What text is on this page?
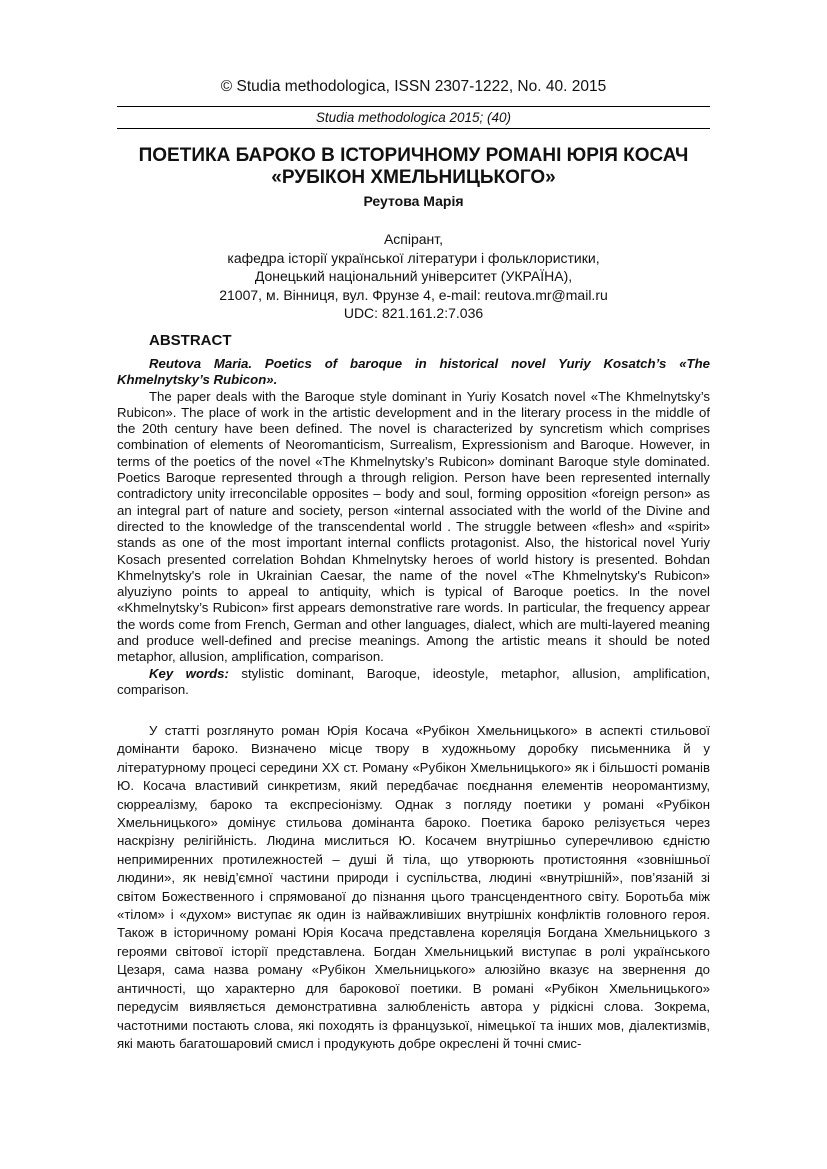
© Studia methodologica, ISSN 2307-1222, No. 40. 2015
Studia methodologica 2015; (40)
ПОЕТИКА БАРОКО В ІСТОРИЧНОМУ РОМАНІ ЮРІЯ КОСАЧ
«РУБІКОН ХМЕЛЬНИЦЬКОГО»
Реутова Марія
Аспірант,
кафедра історії української літератури і фольклористики,
Донецький національний університет (УКРАЇНА),
21007, м. Вінниця, вул. Фрунзе 4, e-mail: reutova.mr@mail.ru
UDC: 821.161.2:7.036
ABSTRACT

Reutova Maria. Poetics of baroque in historical novel Yuriy Kosatch’s «The Khmelnytsky’s Rubicon».

The paper deals with the Baroque style dominant in Yuriy Kosatch novel «The Khmelnytsky’s Rubicon». The place of work in the artistic development and in the literary process in the middle of the 20th century have been defined. The novel is characterized by syncretism which comprises combination of elements of Neoromanticism, Surrealism, Expressionism and Baroque. However, in terms of the poetics of the novel «The Khmelnytsky’s Rubicon» dominant Baroque style dominated. Poetics Baroque represented through a through religion. Person have been represented internally contradictory unity irreconcilable opposites – body and soul, forming opposition «foreign person» as an integral part of nature and society, person «internal associated with the world of the Divine and directed to the knowledge of the transcendental world . The struggle between «flesh» and «spirit» stands as one of the most important internal conflicts protagonist. Also, the historical novel Yuriy Kosach presented correlation Bohdan Khmelnytsky heroes of world history is presented. Bohdan Khmelnytsky's role in Ukrainian Caesar, the name of the novel «The Khmelnytsky's Rubicon» alyuziyno points to appeal to antiquity, which is typical of Baroque poetics. In the novel «Khmelnytsky’s Rubicon» first appears demonstrative rare words. In particular, the frequency appear the words come from French, German and other languages, dialect, which are multi-layered meaning and produce well-defined and precise meanings. Among the artistic means it should be noted metaphor, allusion, amplification, comparison.

Key words: stylistic dominant, Baroque, ideostyle, metaphor, allusion, amplification, comparison.

У статті розглянуто роман Юрія Косача «Рубікон Хмельницького» в аспекті стильової домінанти бароко. Визначено місце твору в художньому доробку письменника й у літературному процесі середини XX ст. Роману «Рубікон Хмельницького» як і більшості романів Ю. Косача властивий синкретизм, який передбачає поєднання елементів неоромантизму, сюрреалізму, бароко та експресіонізму. Однак з погляду поетики у романі «Рубікон Хмельницького» домінує стильова домінанта бароко. Поетика бароко релізується через наскрізну релігійність. Людина мислиться Ю. Косачем внутрішньо суперечливою єдністю непримиренних протилежностей – душі й тіла, що утворюють протистояння «зовнішньої людини», як невід’ємної частини природи і суспільства, людині «внутрішній», пов’язаній зі світом Божественного і спрямованої до пізнання цього трансцендентного світу. Боротьба між «тілом» і «духом» виступає як один із найважливіших внутрішніх конфліктів головного героя. Також в історичному романі Юрія Косача представлена кореляція Богдана Хмельницького з героями світової історії представлена. Богдан Хмельницький виступає в ролі українського Цезаря, сама назва роману «Рубікон Хмельницького» алюзійно вказує на звернення до античності, що характерно для барокової поетики. В романі «Рубікон Хмельницького» передусім виявляється демонстративна залюбленість автора у рідкісні слова. Зокрема, частотними постають слова, які походять із французької, німецької та інших мов, діалектизмів, які мають багатошаровий смисл і продукують добре окреслені й точні смис-
